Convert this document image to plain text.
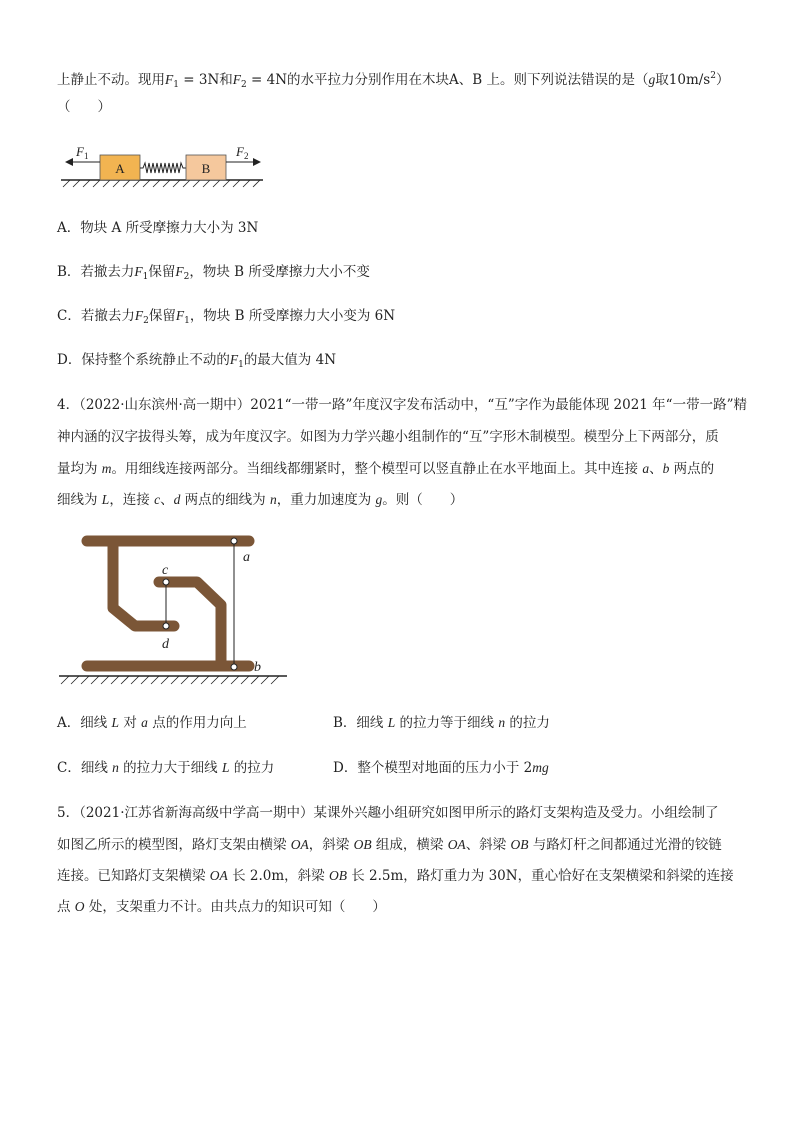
上静止不动。现用$F_1 = 3N$和$F_2 = 4N$的水平拉力分别作用在木块A、B 上。则下列说法错误的是（g取$10m/s^2$）
（　　）
A	B
$F_1$	$F_2$
A．物块 A 所受摩擦力大小为 3N
B．若撤去力$F_1$保留$F_2$，物块 B 所受摩擦力大小不变
C．若撤去力$F_2$保留$F_1$，物块 B 所受摩擦力大小变为 6N
D．保持整个系统静止不动的$F_1$的最大值为 4N
4．（2022·山东滨州·高一期中）2021“一带一路”年度汉字发布活动中，“互”字作为最能体现 2021 年“一带一路”精
神内涵的汉字拔得头筹，成为年度汉字。如图为力学兴趣小组制作的“互”字形木制模型。模型分上下两部分，质
量均为 m。用细线连接两部分。当细线都绷紧时，整个模型可以竖直静止在水平地面上。其中连接 a、b 两点的
细线为 L，连接 c、d 两点的细线为 n，重力加速度为 g。则（　　）
a
b
c
d
A．细线 L 对 a 点的作用力向上	B．细线 L 的拉力等于细线 n 的拉力
C．细线 n 的拉力大于细线 L 的拉力	D．整个模型对地面的压力小于 2mg
5．（2021·江苏省新海高级中学高一期中）某课外兴趣小组研究如图甲所示的路灯支架构造及受力。小组绘制了
如图乙所示的模型图，路灯支架由横梁 OA，斜梁 OB 组成，横梁 OA、斜梁 OB 与路灯杆之间都通过光滑的铰链
连接。已知路灯支架横梁 OA 长 2.0m，斜梁 OB 长 2.5m，路灯重力为 30N，重心恰好在支架横梁和斜梁的连接
点 O 处，支架重力不计。由共点力的知识可知（　　）
